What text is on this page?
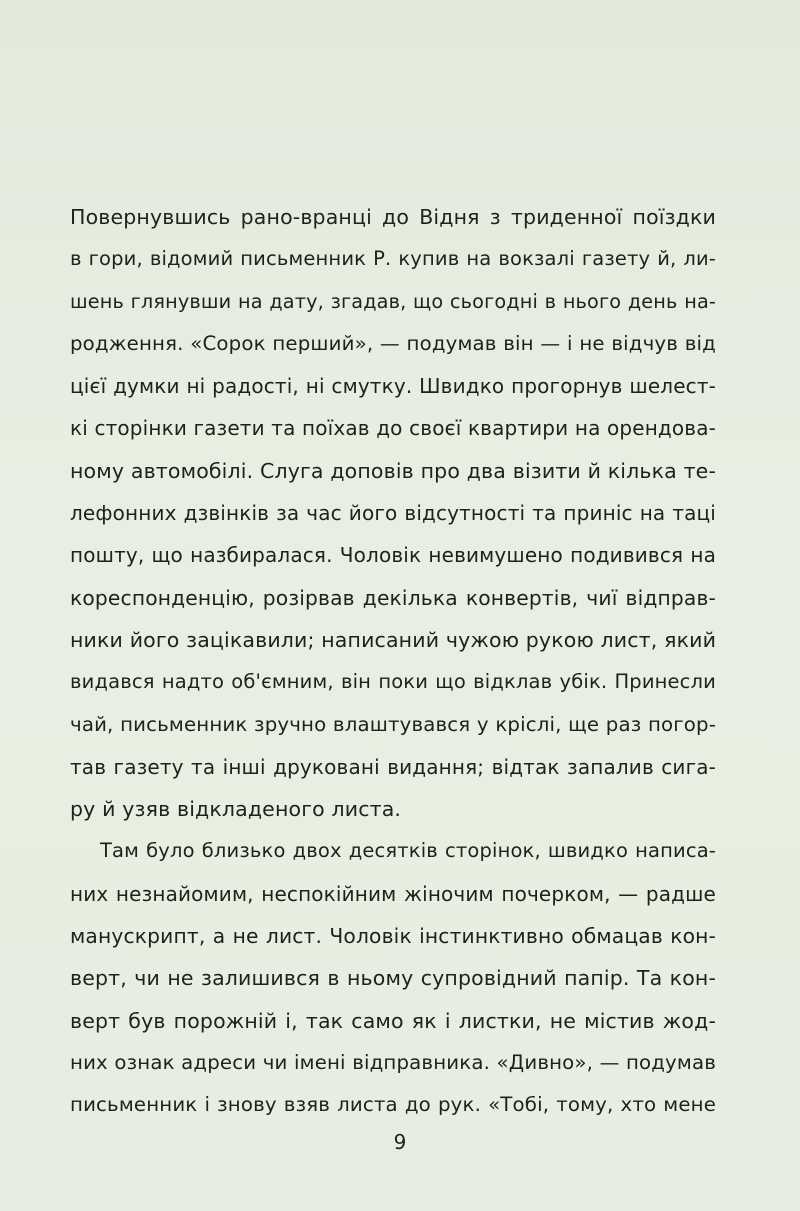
Повернувшись рано-вранці до Відня з триденної поїздки
в гори, відомий письменник Р. купив на вокзалі газету й, ли-
шень глянувши на дату, згадав, що сьогодні в нього день на-
родження. «Сорок перший», — подумав він — і не відчув від
цієї думки ні радості, ні смутку. Швидко прогорнув шелест-
кі сторінки газети та поїхав до своєї квартири на орендова-
ному автомобілі. Слуга доповів про два візити й кілька те-
лефонних дзвінків за час його відсутності та приніс на таці
пошту, що назбиралася. Чоловік невимушено подивився на
кореспонденцію, розірвав декілька конвертів, чиї відправ-
ники його зацікавили; написаний чужою рукою лист, який
видався надто об'ємним, він поки що відклав убік. Принесли
чай, письменник зручно влаштувався у кріслі, ще раз погор-
тав газету та інші друковані видання; відтак запалив сига-
ру й узяв відкладеного листа.
Там було близько двох десятків сторінок, швидко написа-
них незнайомим, неспокійним жіночим почерком, — радше
манускрипт, а не лист. Чоловік інстинктивно обмацав кон-
верт, чи не залишився в ньому супровідний папір. Та кон-
верт був порожній і, так само як і листки, не містив жод-
них ознак адреси чи імені відправника. «Дивно», — подумав
письменник і знову взяв листа до рук. «Тобі, тому, хто мене
9
